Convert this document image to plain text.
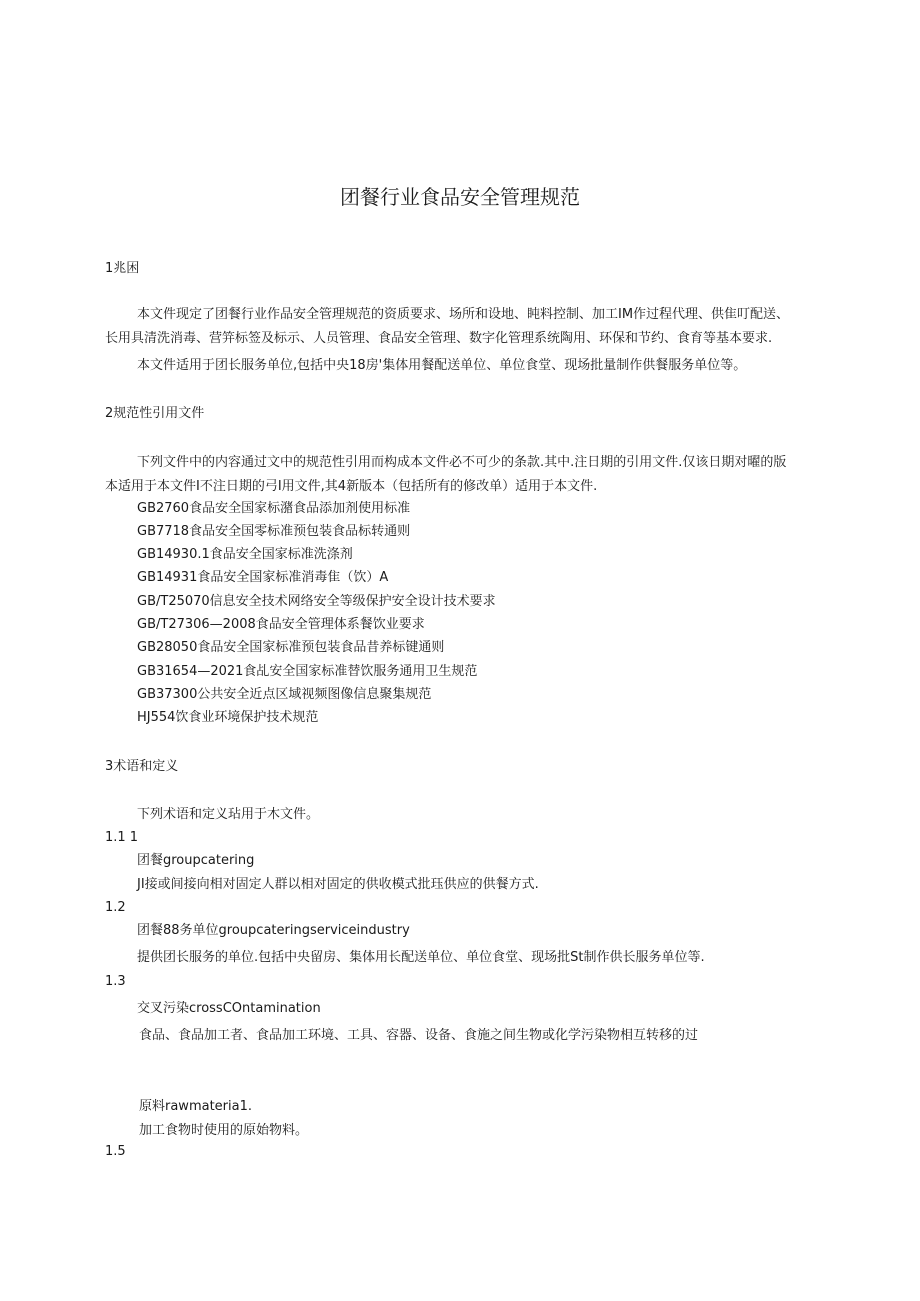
团餐行业食品安全管理规范
1兆困
本文件现定了团餐行业作品安全管理规范的资质要求、场所和设地、盹料控制、加工IM作过程代理、供隹叮配送、
长用具清洗消毒、营笄标签及标示、人员管理、食品安全管理、数字化管理系统陶用、环保和节约、食育等基本要求.
本文件适用于团长服务单位,包括中央18房'集体用餐配送单位、单位食堂、现场批量制作供餐服务单位等。
2规范性引用文件
下列文件中的内容通过文中的规范性引用而构成本文件必不可少的条款.其中.注日期的引用文件.仅该日期对曜的版
本适用于本文件I不注日期的弓I用文件,其4新版本（包括所有的修改单）适用于本文件.
GB2760食品安全国家标潴食品添加剂使用标准
GB7718食品安全国零标准预包装食品标转通则
GB14930.1食品安全国家标准洗涤剂
GB14931食品安全国家标准消毒隹（饮）A
GB/T25070信息安全技术网络安全等级保护安全设计技术要求
GB/T27306—2008食品安全管理体系餐饮业要求
GB28050食品安全国家标准预包装食品昔养标键通则
GB31654—2021食乩安全国家标准替饮服务通用卫生规范
GB37300公共安全近点区域视频图像信息聚集规范
HJ554饮食业环境保护技术规范
3术语和定义
下列术语和定义玷用于木文件。
1.1 1
团餐groupcatering
JI接或间接向相对固定人群以相对固定的供收模式批珏供应的供餐方式.
1.2
团餐88务单位groupcateringserviceindustry
提供团长服务的单位.包括中央留房、集体用长配送单位、单位食堂、现场批St制作供长服务单位等.
1.3
交叉污染crossCOntamination
食品、食品加工者、食品加工环境、工具、容器、设备、食施之间生物或化学污染物相互转移的过
原料rawmateria1.
加工食物时使用的原始物料。
1.5
